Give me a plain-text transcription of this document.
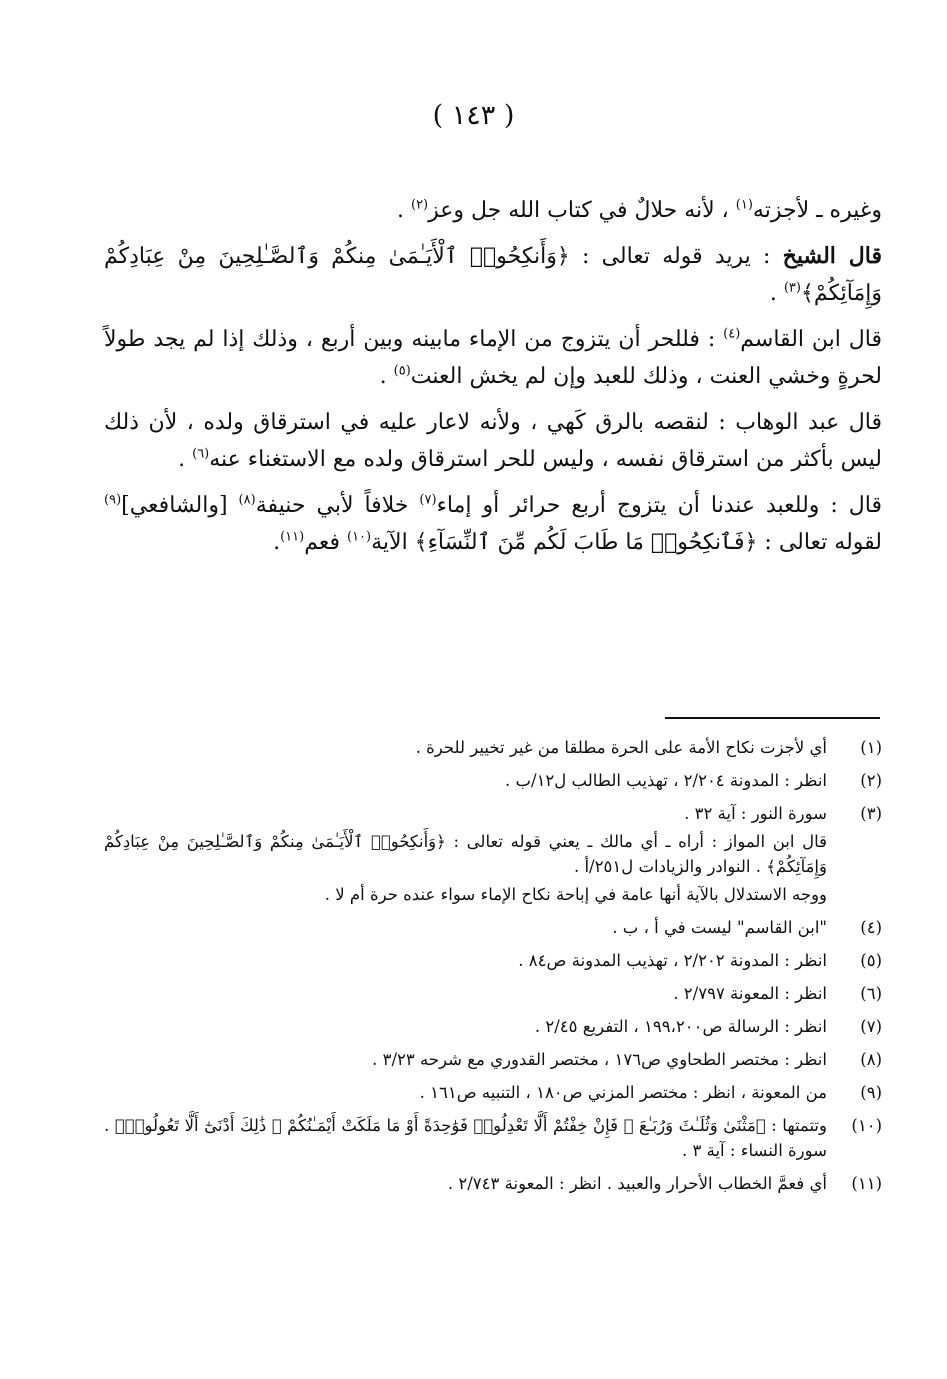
( ١٤٣ )

وغيره ـ لأجزته$^{(١)}$ ، لأنه حلالٌ في كتاب الله جل وعز$^{(٢)}$ .

قال الشيخ : يريد قوله تعالى : ﴿وَأَنكِحُوا۟ ٱلْأَيَـٰمَىٰ مِنكُمْ وَٱلصَّـٰلِحِينَ مِنْ عِبَادِكُمْ وَإِمَآئِكُمْ﴾$^{(٣)}$ .

قال ابن القاسم$^{(٤)}$ : فللحر أن يتزوج من الإماء مابينه وبين أربع ، وذلك إذا لم يجد طولاً لحرةٍ وخشي العنت ، وذلك للعبد وإن لم يخش العنت$^{(٥)}$ .

قال عبد الوهاب : لنقصه بالرق كَهي ، ولأنه لاعار عليه في استرقاق ولده ، لأن ذلك ليس بأكثر من استرقاق نفسه ، وليس للحر استرقاق ولده مع الاستغناء عنه$^{(٦)}$ .

قال : وللعبد عندنا أن يتزوج أربع حرائر أو إماء$^{(٧)}$ خلافاً لأبي حنيفة$^{(٨)}$ [والشافعي]$^{(٩)}$ لقوله تعالى : ﴿فَٱنكِحُوا۟ مَا طَابَ لَكُم مِّنَ ٱلنِّسَآءِ﴾ الآية$^{(١٠)}$ فعم$^{(١١)}$.

(١)
أي لأجزت نكاح الأمة على الحرة مطلقا من غير تخيير للحرة .
(٢)
انظر : المدونة ٢/٢٠٤ ، تهذيب الطالب ل١٢/ب .
(٣)
سورة النور : آية ٣٢ .
قال ابن المواز : أراه ـ أي مالك ـ يعني قوله تعالى : ﴿وَأَنكِحُوا۟ ٱلْأَيَـٰمَىٰ مِنكُمْ وَٱلصَّـٰلِحِينَ مِنْ عِبَادِكُمْ وَإِمَآئِكُمْ﴾ . النوادر والزيادات ل٢٥١/أ .
ووجه الاستدلال بالآية أنها عامة في إباحة نكاح الإماء سواء عنده حرة أم لا .
(٤)
"ابن القاسم" ليست في أ ، ب .
(٥)
انظر : المدونة ٢/٢٠٢ ، تهذيب المدونة ص٨٤ .
(٦)
انظر : المعونة ٢/٧٩٧ .
(٧)
انظر : الرسالة ص١٩٩،٢٠٠ ، التفريع ٢/٤٥ .
(٨)
انظر : مختصر الطحاوي ص١٧٦ ، مختصر القدوري مع شرحه ٣/٢٣ .
(٩)
من المعونة ، انظر : مختصر المزني ص١٨٠ ، التنبيه ص١٦١ .
(١٠)
وتتمتها : ﴿مَثْنَىٰ وَثُلَـٰثَ وَرُبَـٰعَ ۖ فَإِنْ خِفْتُمْ أَلَّا تَعْدِلُوا۟ فَوَٰحِدَةً أَوْ مَا مَلَكَتْ أَيْمَـٰنُكُمْ ۚ ذَٰلِكَ أَدْنَىٰٓ أَلَّا تَعُولُوا۟﴾ . سورة النساء : آية ٣ .
(١١)
أي فعمَّ الخطاب الأحرار والعبيد . انظر : المعونة ٢/٧٤٣ .
